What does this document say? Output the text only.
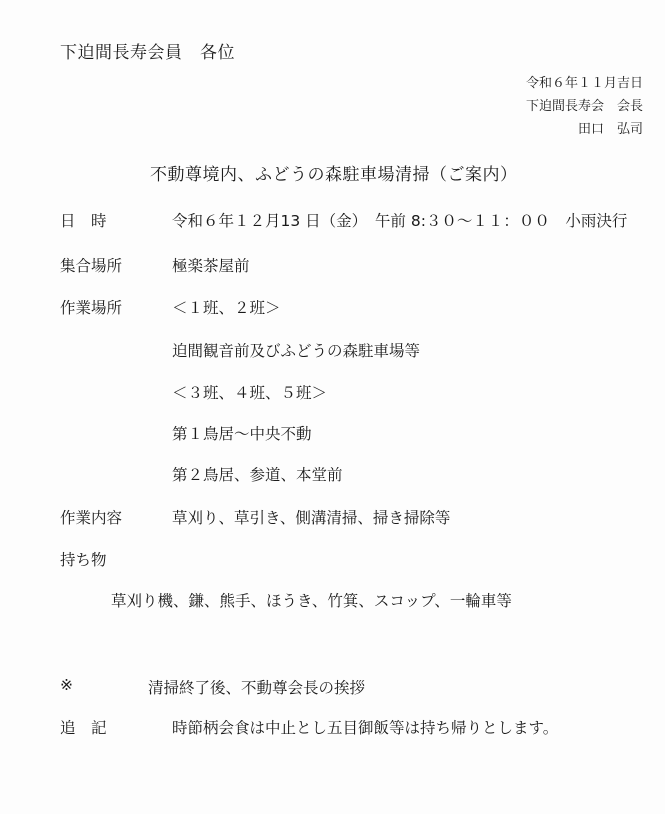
下迫間長寿会員　各位
令和６年１１月吉日
下迫間長寿会　会長
田口　弘司
不動尊境内、ふどうの森駐車場清掃（ご案内）
日　時	令和６年１２月13 日（金）　午前 8:３０〜１１：００　小雨決行
集合場所	極楽茶屋前
作業場所	＜１班、２班＞
迫間観音前及びふどうの森駐車場等
＜３班、４班、５班＞
第１鳥居〜中央不動
第２鳥居、参道、本堂前
作業内容	草刈り、草引き、側溝清掃、掃き掃除等
持ち物
草刈り機、鎌、熊手、ほうき、竹箕、スコップ、一輪車等
※	清掃終了後、不動尊会長の挨拶
追　記	時節柄会食は中止とし五目御飯等は持ち帰りとします。
